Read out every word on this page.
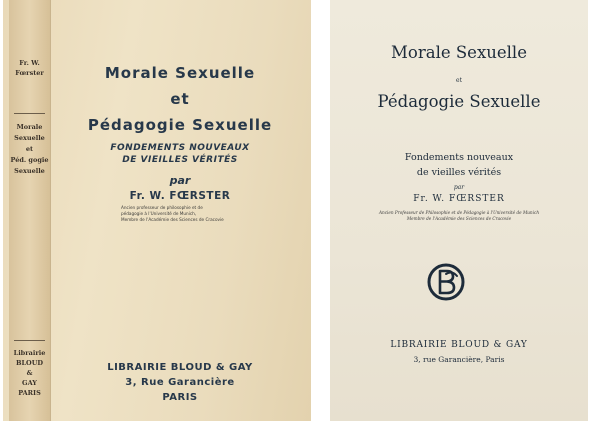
Fr. W.
Fœrster

Morale
Sexuelle
et
Péd. gogie
Sexuelle

Librairie
BLOUD
&
GAY
PARIS

Morale Sexuelle

et

Pédagogie Sexuelle

FONDEMENTS NOUVEAUX

DE VIEILLES VÉRITÉS

par

Fr. W. FŒRSTER

Ancien professeur de philosophie et de
pédagogie à l'Université de Munich,
Membre de l'Académie des Sciences de Cracovie

LIBRAIRIE BLOUD & GAY

3, Rue Garancière

PARIS

Morale Sexuelle

et

Pédagogie Sexuelle

Fondements nouveaux

de vieilles vérités

par

Fr. W. FŒRSTER

Ancien Professeur de Philosophie et de Pédagogie à l'Université de Munich
Membre de l'Académie des Sciences de Cracovie

LIBRAIRIE BLOUD & GAY

3, rue Garancière, Paris
